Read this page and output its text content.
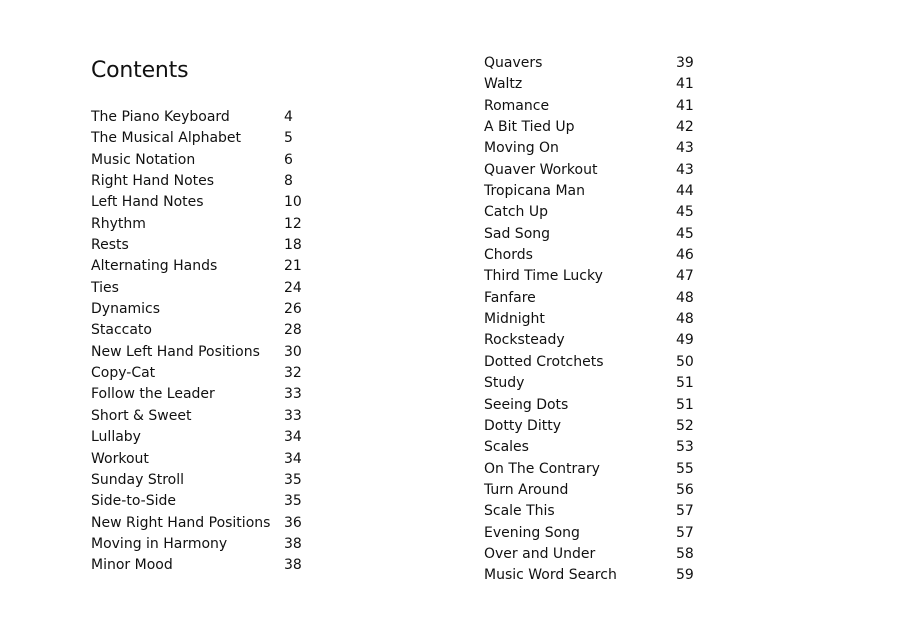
Contents
The Piano Keyboard	4
The Musical Alphabet	5
Music Notation	6
Right Hand Notes	8
Left Hand Notes	10
Rhythm	12
Rests	18
Alternating Hands	21
Ties	24
Dynamics	26
Staccato	28
New Left Hand Positions 30
Copy-Cat	32
Follow the Leader	33
Short & Sweet	33
Lullaby	34
Workout	34
Sunday Stroll	35
Side-to-Side	35
New Right Hand Positions 36
Moving in Harmony	38
Minor Mood	38
Quavers	39
Waltz	41
Romance	41
A Bit Tied Up	42
Moving On	43
Quaver Workout	43
Tropicana Man	44
Catch Up	45
Sad Song	45
Chords	46
Third Time Lucky	47
Fanfare	48
Midnight	48
Rocksteady	49
Dotted Crotchets	50
Study	51
Seeing Dots	51
Dotty Ditty	52
Scales	53
On The Contrary	55
Turn Around	56
Scale This	57
Evening Song	57
Over and Under	58
Music Word Search	59
